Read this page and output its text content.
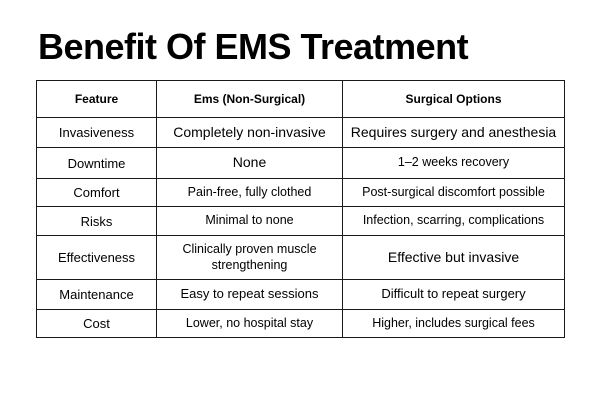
Benefit Of EMS Treatment
Feature	Ems (Non-Surgical)	Surgical Options
Invasiveness	Completely non-invasive	Requires surgery and anesthesia
Downtime	None	1–2 weeks recovery
Comfort	Pain-free, fully clothed	Post-surgical discomfort possible
Risks	Minimal to none	Infection, scarring, complications
Effectiveness	Clinically proven muscle strengthening	Effective but invasive
Maintenance	Easy to repeat sessions	Difficult to repeat surgery
Cost	Lower, no hospital stay	Higher, includes surgical fees
